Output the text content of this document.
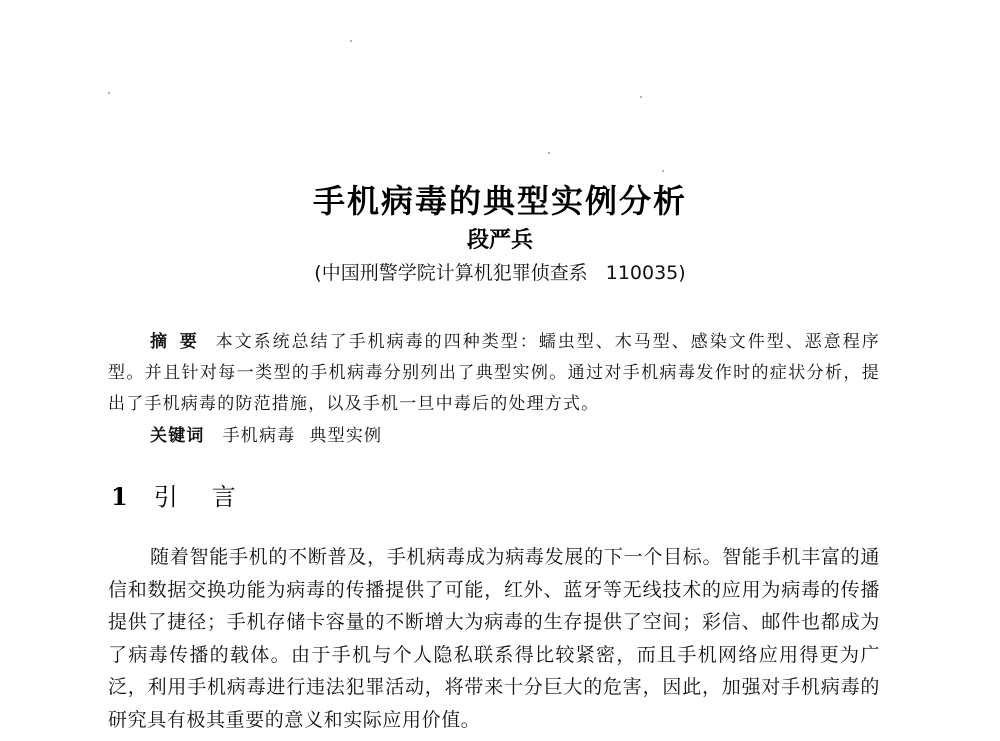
手机病毒的典型实例分析
段严兵
(中国刑警学院计算机犯罪侦查系 110035)
摘要 本文系统总结了手机病毒的四种类型：蠕虫型、木马型、感染文件型、恶意程序型。并且针对每一类型的手机病毒分别列出了典型实例。通过对手机病毒发作时的症状分析，提出了手机病毒的防范措施，以及手机一旦中毒后的处理方式。
关键词 手机病毒 典型实例
1 引言
随着智能手机的不断普及，手机病毒成为病毒发展的下一个目标。智能手机丰富的通信和数据交换功能为病毒的传播提供了可能，红外、蓝牙等无线技术的应用为病毒的传播提供了捷径；手机存储卡容量的不断增大为病毒的生存提供了空间；彩信、邮件也都成为了病毒传播的载体。由于手机与个人隐私联系得比较紧密，而且手机网络应用得更为广泛，利用手机病毒进行违法犯罪活动，将带来十分巨大的危害，因此，加强对手机病毒的研究具有极其重要的意义和实际应用价值。
